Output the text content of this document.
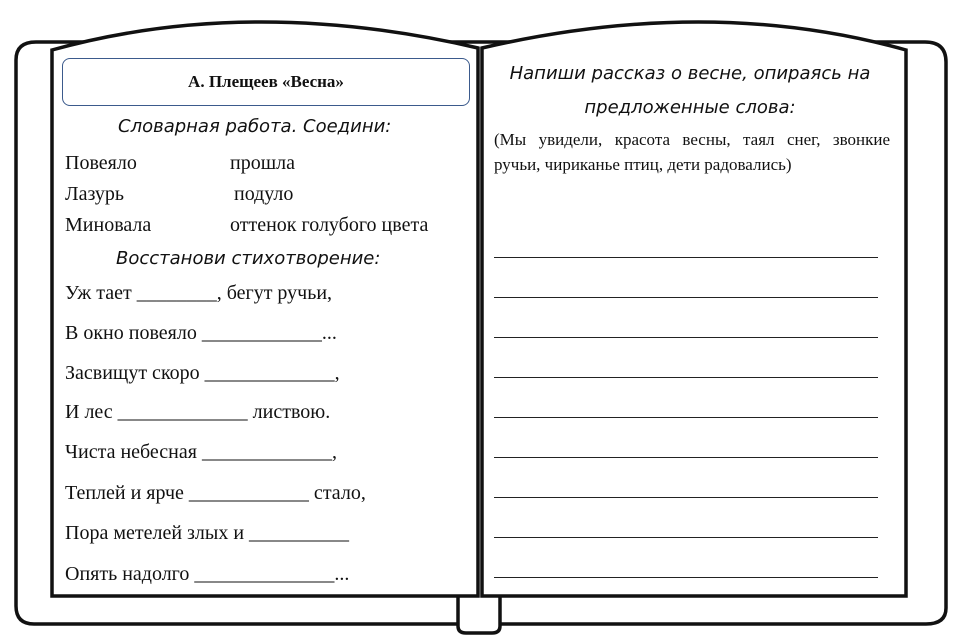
А. Плещеев «Весна»
Словарная работа. Соедини:
Повеяло	прошла
Лазурь	подуло
Миновала	оттенок голубого цвета
Восстанови стихотворение:
Уж тает ________, бегут ручьи,
В окно повеяло ____________...
Засвищут скоро _____________,
И лес _____________ листвою.
Чиста небесная _____________,
Теплей и ярче ____________ стало,
Пора метелей злых и __________
Опять надолго ______________...
Напиши рассказ о весне, опираясь на
предложенные слова:
(Мы увидели, красота весны, таял снег, звонкие ручьи, чириканье птиц, дети радовались)
